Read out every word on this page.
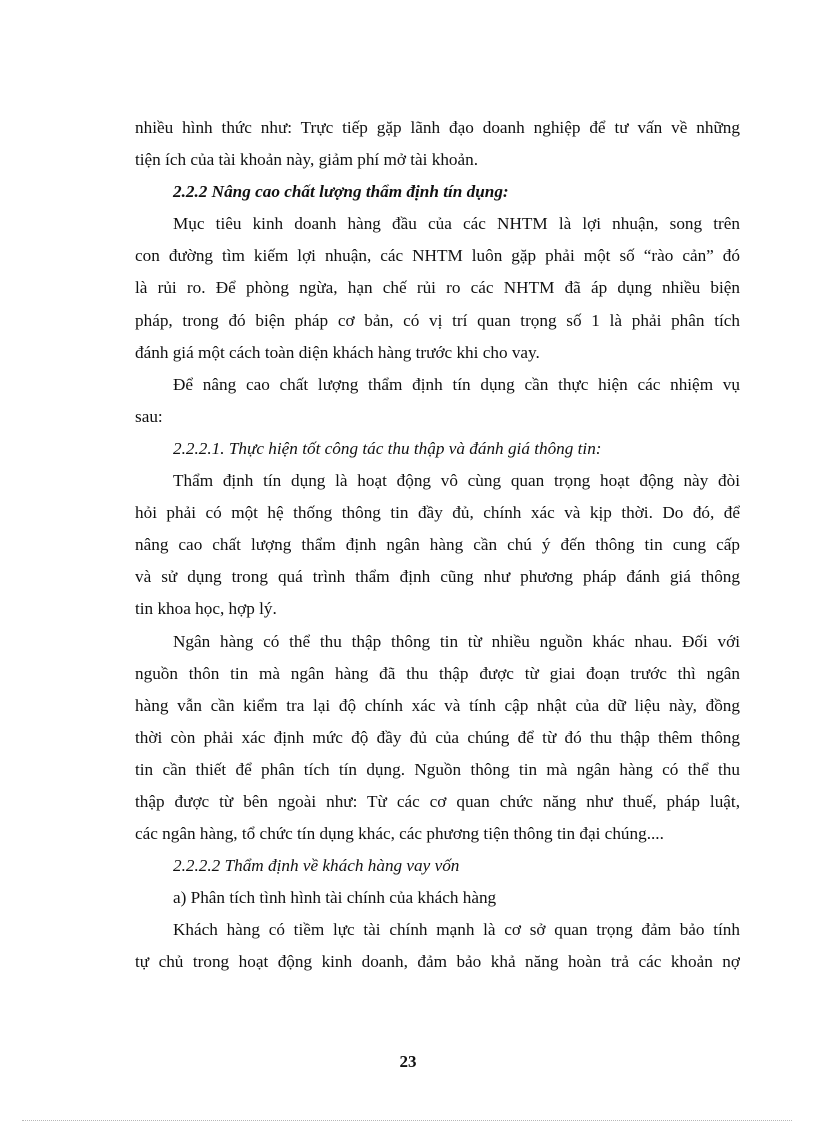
nhiều hình thức như: Trực tiếp gặp lãnh đạo doanh nghiệp để tư vấn về những
tiện ích của tài khoản này, giảm phí mở tài khoản.
2.2.2 Nâng cao chất lượng thẩm định tín dụng:
Mục tiêu kinh doanh hàng đầu của các NHTM là lợi nhuận, song trên
con đường tìm kiếm lợi nhuận, các NHTM luôn gặp phải một số “rào cản” đó
là rủi ro. Để phòng ngừa, hạn chế rủi ro các NHTM đã áp dụng nhiều biện
pháp, trong đó biện pháp cơ bản, có vị trí quan trọng số 1 là phải phân tích
đánh giá một cách toàn diện khách hàng trước khi cho vay.
Để nâng cao chất lượng thẩm định tín dụng cần thực hiện các nhiệm vụ
sau:
2.2.2.1. Thực hiện tốt công tác thu thập và đánh giá thông tin:
Thẩm định tín dụng là hoạt động vô cùng quan trọng hoạt động này đòi
hỏi phải có một hệ thống thông tin đầy đủ, chính xác và kịp thời. Do đó, để
nâng cao chất lượng thẩm định ngân hàng cần chú ý đến thông tin cung cấp
và sử dụng trong quá trình thẩm định cũng như phương pháp đánh giá thông
tin khoa học, hợp lý.
Ngân hàng có thể thu thập thông tin từ nhiều nguồn khác nhau. Đối với
nguồn thôn tin mà ngân hàng đã thu thập được từ giai đoạn trước thì ngân
hàng vẫn cần kiểm tra lại độ chính xác và tính cập nhật của dữ liệu này, đồng
thời còn phải xác định mức độ đầy đủ của chúng để từ đó thu thập thêm thông
tin cần thiết để phân tích tín dụng. Nguồn thông tin mà ngân hàng có thể thu
thập được từ bên ngoài như: Từ các cơ quan chức năng như thuế, pháp luật,
các ngân hàng, tổ chức tín dụng khác, các phương tiện thông tin đại chúng....
2.2.2.2 Thẩm định về khách hàng vay vốn
a) Phân tích tình hình tài chính của khách hàng
Khách hàng có tiềm lực tài chính mạnh là cơ sở quan trọng đảm bảo tính
tự chủ trong hoạt động kinh doanh, đảm bảo khả năng hoàn trả các khoản nợ
23
